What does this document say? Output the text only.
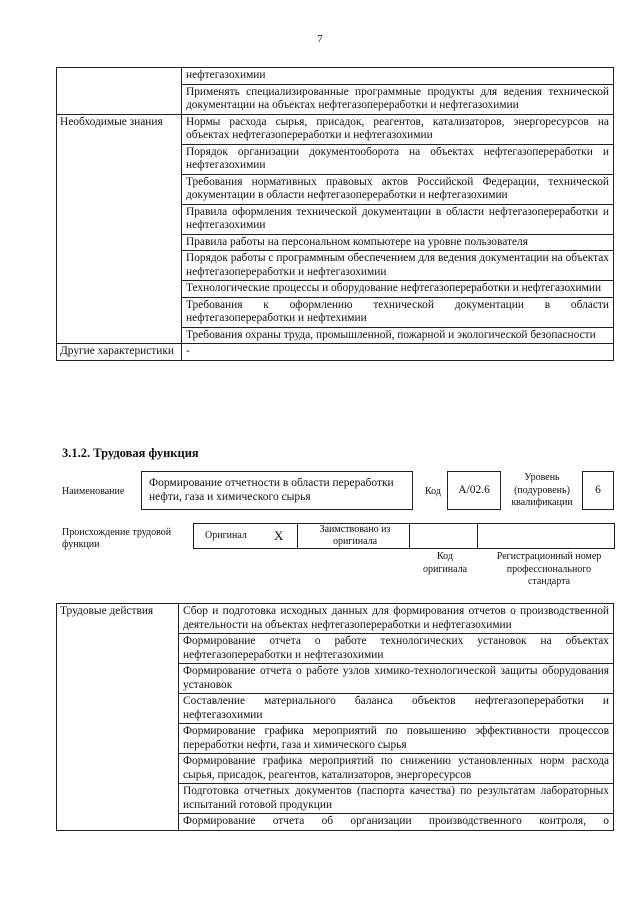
7
	нефтегазохимии
	Применять специализированные программные продукты для ведения технической документации на объектах нефтегазопереработки и нефтегазохимии
Необходимые знания	Нормы расхода сырья, присадок, реагентов, катализаторов, энергоресурсов на объектах нефтегазопереработки и нефтегазохимии
	Порядок организации документооборота на объектах нефтегазопереработки и нефтегазохимии
	Требования нормативных правовых актов Российской Федерации, технической документации в области нефтегазопереработки и нефтегазохимии
	Правила оформления технической документации в области нефтегазопереработки и нефтегазохимии
	Правила работы на персональном компьютере на уровне пользователя
	Порядок работы с программным обеспечением для ведения документации на объектах нефтегазопереработки и нефтегазохимии
	Технологические процессы и оборудование нефтегазопереработки и нефтегазохимии
	Требования к оформлению технической документации в области нефтегазопереработки и нефтехимии
	Требования охраны труда, промышленной, пожарной и экологической безопасности
Другие характеристики	-
3.1.2. Трудовая функция
Наименование
Формирование отчетности в области переработки нефти, газа и химического сырья	Код	А/02.6
Уровень (подуровень) квалификации
6
Происхождение трудовой функции
Оригинал X	Заимствовано из оригинала
Код оригинала
Регистрационный номер профессионального стандарта
Трудовые действия	Сбор и подготовка исходных данных для формирования отчетов о производственной деятельности на объектах нефтегазопереработки и нефтегазохимии
Формирование отчета о работе технологических установок на объектах нефтегазопереработки и нефтегазохимии
Формирование отчета о работе узлов химико-технологической защиты оборудования установок
Составление материального баланса объектов нефтегазопереработки и нефтегазохимии
Формирование графика мероприятий по повышению эффективности процессов переработки нефти, газа и химического сырья
Формирование графика мероприятий по снижению установленных норм расхода сырья, присадок, реагентов, катализаторов, энергоресурсов
Подготовка отчетных документов (паспорта качества) по результатам лабораторных испытаний готовой продукции
Формирование отчета об организации производственного контроля, о
